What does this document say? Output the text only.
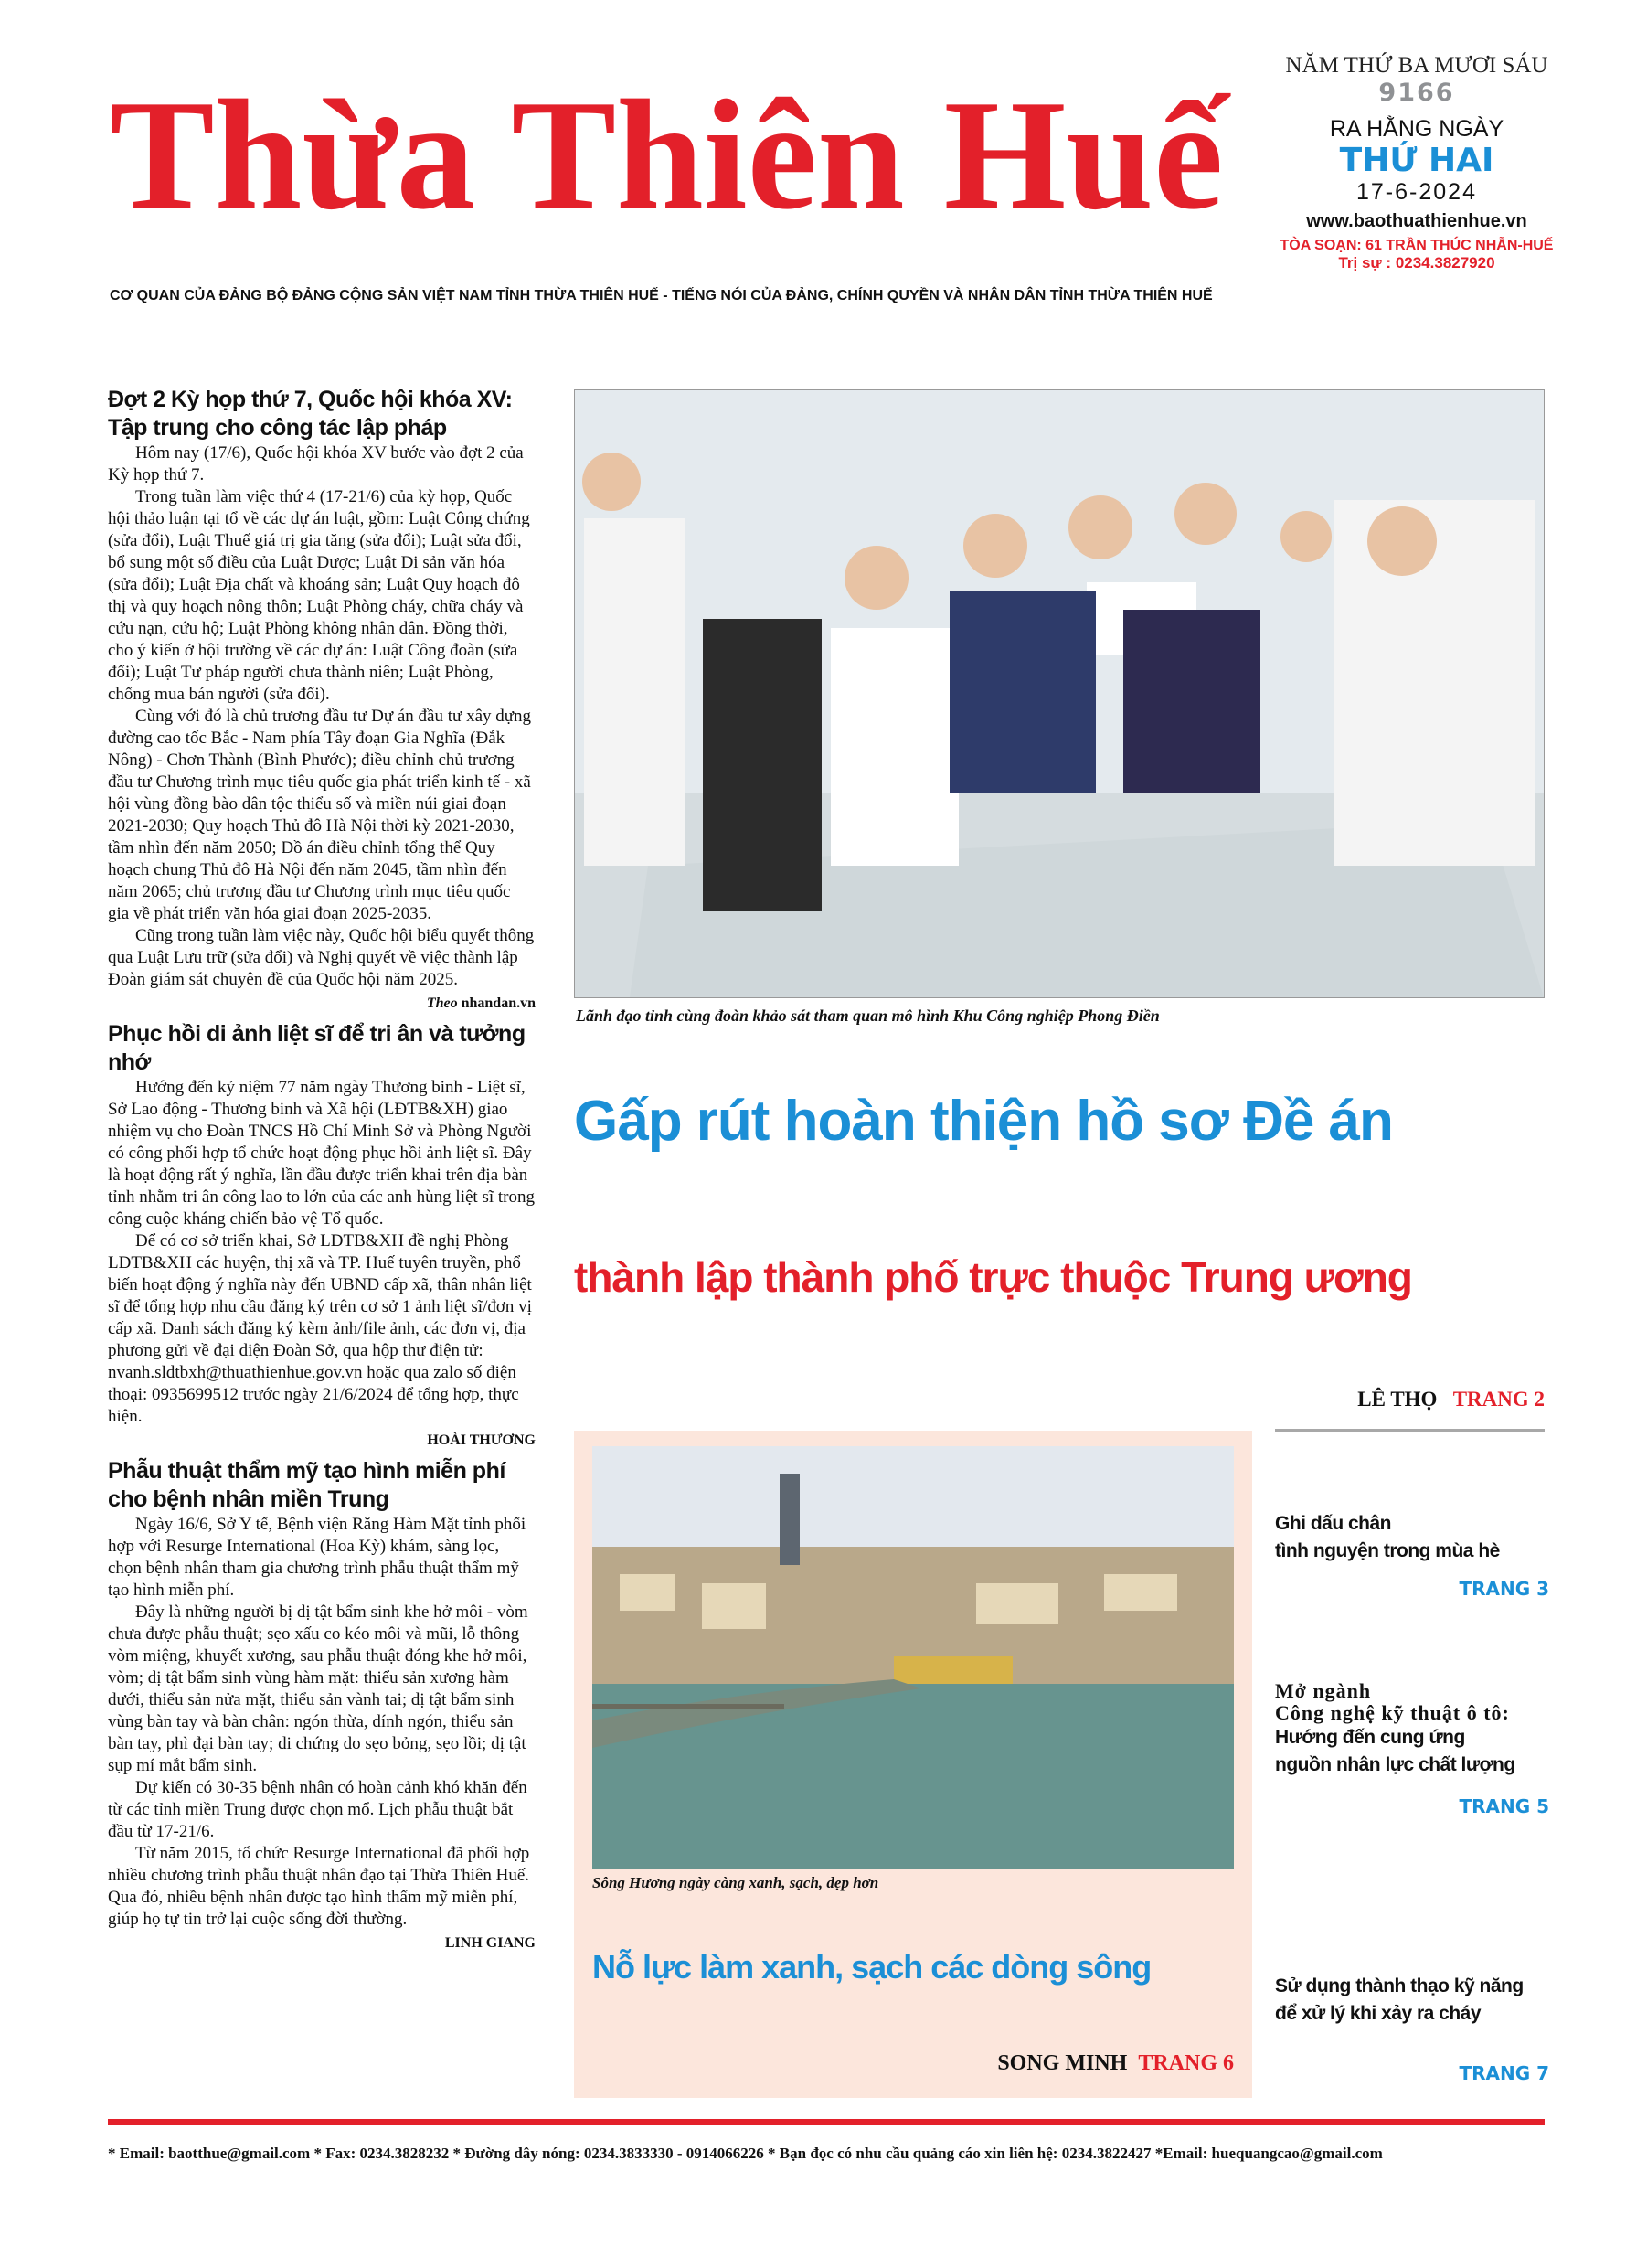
Thừa Thiên Huế
NĂM THỨ BA MƯƠI SÁU
9166
RA HẰNG NGÀY
THỨ HAI
17-6-2024
www.baothuathienhue.vn
TÒA SOẠN: 61 TRẦN THÚC NHẪN-HUẾ
Trị sự : 0234.3827920
CƠ QUAN CỦA ĐẢNG BỘ ĐẢNG CỘNG SẢN VIỆT NAM TỈNH THỪA THIÊN HUẾ - TIẾNG NÓI CỦA ĐẢNG, CHÍNH QUYỀN VÀ NHÂN DÂN TỈNH THỪA THIÊN HUẾ
Đợt 2 Kỳ họp thứ 7, Quốc hội khóa XV: Tập trung cho công tác lập pháp

Hôm nay (17/6), Quốc hội khóa XV bước vào đợt 2 của Kỳ họp thứ 7.

Trong tuần làm việc thứ 4 (17-21/6) của kỳ họp, Quốc hội thảo luận tại tổ về các dự án luật, gồm: Luật Công chứng (sửa đổi), Luật Thuế giá trị gia tăng (sửa đổi); Luật sửa đổi, bổ sung một số điều của Luật Dược; Luật Di sản văn hóa (sửa đổi); Luật Địa chất và khoáng sản; Luật Quy hoạch đô thị và quy hoạch nông thôn; Luật Phòng cháy, chữa cháy và cứu nạn, cứu hộ; Luật Phòng không nhân dân. Đồng thời, cho ý kiến ở hội trường về các dự án: Luật Công đoàn (sửa đổi); Luật Tư pháp người chưa thành niên; Luật Phòng, chống mua bán người (sửa đổi).

Cùng với đó là chủ trương đầu tư Dự án đầu tư xây dựng đường cao tốc Bắc - Nam phía Tây đoạn Gia Nghĩa (Đắk Nông) - Chơn Thành (Bình Phước); điều chỉnh chủ trương đầu tư Chương trình mục tiêu quốc gia phát triển kinh tế - xã hội vùng đồng bào dân tộc thiểu số và miền núi giai đoạn 2021-2030; Quy hoạch Thủ đô Hà Nội thời kỳ 2021-2030, tầm nhìn đến năm 2050; Đồ án điều chỉnh tổng thể Quy hoạch chung Thủ đô Hà Nội đến năm 2045, tầm nhìn đến năm 2065; chủ trương đầu tư Chương trình mục tiêu quốc gia về phát triển văn hóa giai đoạn 2025-2035.

Cũng trong tuần làm việc này, Quốc hội biểu quyết thông qua Luật Lưu trữ (sửa đổi) và Nghị quyết về việc thành lập Đoàn giám sát chuyên đề của Quốc hội năm 2025.

Theo nhandan.vn
Phục hồi di ảnh liệt sĩ để tri ân và tưởng nhớ

Hướng đến kỷ niệm 77 năm ngày Thương binh - Liệt sĩ, Sở Lao động - Thương binh và Xã hội (LĐTB&XH) giao nhiệm vụ cho Đoàn TNCS Hồ Chí Minh Sở và Phòng Người có công phối hợp tổ chức hoạt động phục hồi ảnh liệt sĩ. Đây là hoạt động rất ý nghĩa, lần đầu được triển khai trên địa bàn tỉnh nhằm tri ân công lao to lớn của các anh hùng liệt sĩ trong công cuộc kháng chiến bảo vệ Tổ quốc.

Để có cơ sở triển khai, Sở LĐTB&XH đề nghị Phòng LĐTB&XH các huyện, thị xã và TP. Huế tuyên truyền, phổ biến hoạt động ý nghĩa này đến UBND cấp xã, thân nhân liệt sĩ để tổng hợp nhu cầu đăng ký trên cơ sở 1 ảnh liệt sĩ/đơn vị cấp xã. Danh sách đăng ký kèm ảnh/file ảnh, các đơn vị, địa phương gửi về đại diện Đoàn Sở, qua hộp thư điện tử: nvanh.sldtbxh@thuathienhue.gov.vn hoặc qua zalo số điện thoại: 0935699512 trước ngày 21/6/2024 để tổng hợp, thực hiện.

HOÀI THƯƠNG
Phẫu thuật thẩm mỹ tạo hình miễn phí cho bệnh nhân miền Trung

Ngày 16/6, Sở Y tế, Bệnh viện Răng Hàm Mặt tỉnh phối hợp với Resurge International (Hoa Kỳ) khám, sàng lọc, chọn bệnh nhân tham gia chương trình phẫu thuật thẩm mỹ tạo hình miễn phí.

Đây là những người bị dị tật bẩm sinh khe hở môi - vòm chưa được phẫu thuật; sẹo xấu co kéo môi và mũi, lỗ thông vòm miệng, khuyết xương, sau phẫu thuật đóng khe hở môi, vòm; dị tật bẩm sinh vùng hàm mặt: thiểu sản xương hàm dưới, thiểu sản nửa mặt, thiểu sản vành tai; dị tật bẩm sinh vùng bàn tay và bàn chân: ngón thừa, dính ngón, thiểu sản bàn tay, phì đại bàn tay; di chứng do sẹo bỏng, sẹo lồi; dị tật sụp mí mắt bẩm sinh.

Dự kiến có 30-35 bệnh nhân có hoàn cảnh khó khăn đến từ các tỉnh miền Trung được chọn mổ. Lịch phẫu thuật bắt đầu từ 17-21/6.

Từ năm 2015, tổ chức Resurge International đã phối hợp nhiều chương trình phẫu thuật nhân đạo tại Thừa Thiên Huế. Qua đó, nhiều bệnh nhân được tạo hình thẩm mỹ miễn phí, giúp họ tự tin trở lại cuộc sống đời thường.

LINH GIANG
Lãnh đạo tỉnh cùng đoàn khảo sát tham quan mô hình Khu Công nghiệp Phong Điền
Gấp rút hoàn thiện hồ sơ Đề án
thành lập thành phố trực thuộc Trung ương
LÊ THỌ TRANG 2
Sông Hương ngày càng xanh, sạch, đẹp hơn
Nỗ lực làm xanh, sạch các dòng sông
SONG MINH TRANG 6
Ghi dấu chân
tình nguyện trong mùa hè
TRANG 3
Mở ngành
Công nghệ kỹ thuật ô tô:
Hướng đến cung ứng
nguồn nhân lực chất lượng
TRANG 5
Sử dụng thành thạo kỹ năng
để xử lý khi xảy ra cháy
TRANG 7
* Email: baotthue@gmail.com * Fax: 0234.3828232 * Đường dây nóng: 0234.3833330 - 0914066226 * Bạn đọc có nhu cầu quảng cáo xin liên hệ: 0234.3822427 *Email: huequangcao@gmail.com
